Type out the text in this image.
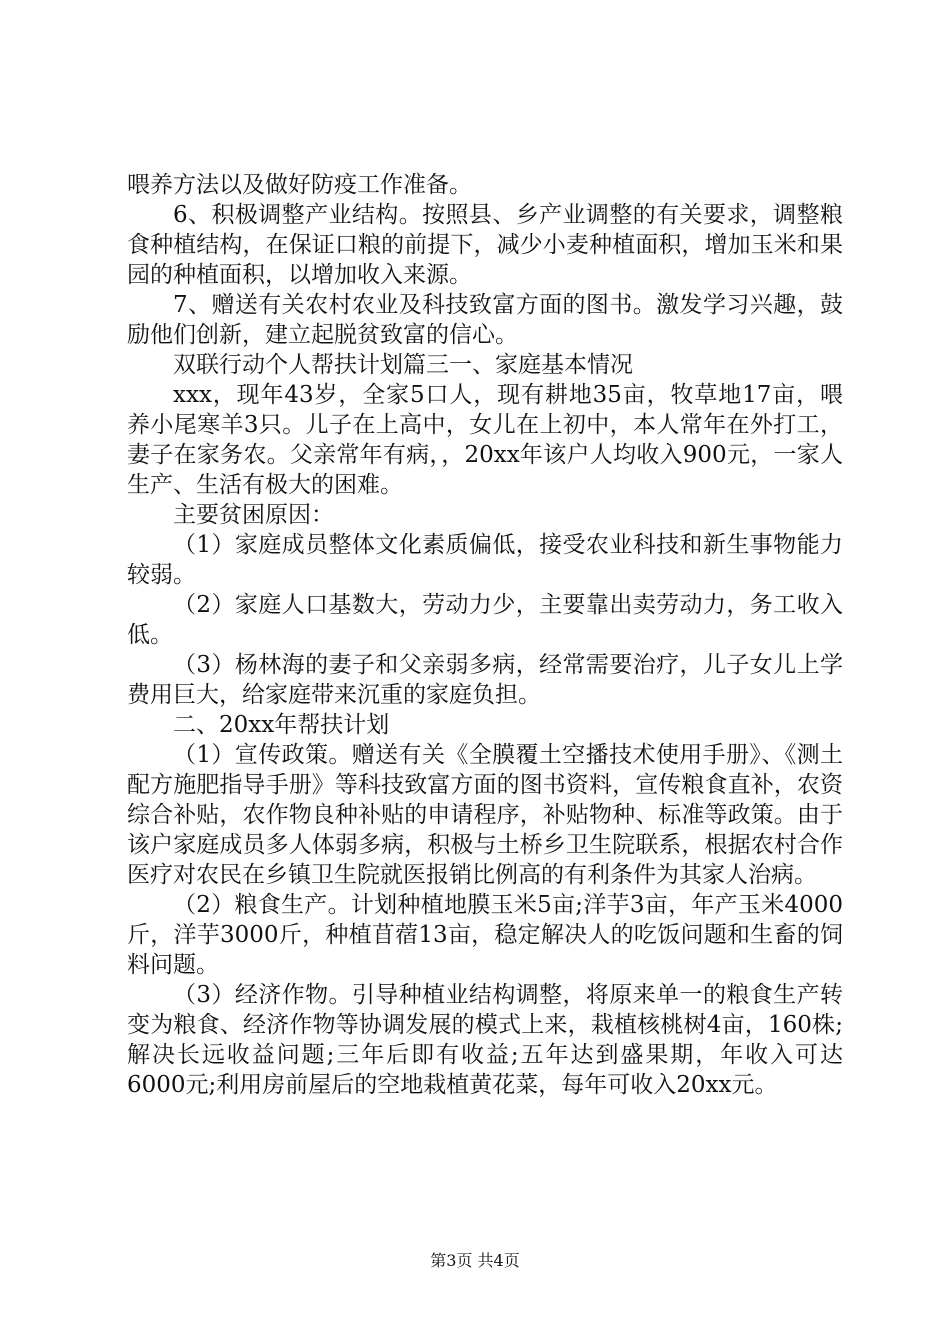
喂养方法以及做好防疫工作准备。

6、积极调整产业结构。按照县、乡产业调整的有关要求，调整粮食种植结构，在保证口粮的前提下，减少小麦种植面积，增加玉米和果园的种植面积，以增加收入来源。

7、赠送有关农村农业及科技致富方面的图书。激发学习兴趣，鼓励他们创新，建立起脱贫致富的信心。

双联行动个人帮扶计划篇三一、家庭基本情况

xxx，现年43岁，全家5口人，现有耕地35亩，牧草地17亩，喂养小尾寒羊3只。儿子在上高中，女儿在上初中，本人常年在外打工，妻子在家务农。父亲常年有病，，20xx年该户人均收入900元，一家人生产、生活有极大的困难。

主要贫困原因：

（1）家庭成员整体文化素质偏低，接受农业科技和新生事物能力较弱。

（2）家庭人口基数大，劳动力少，主要靠出卖劳动力，务工收入低。

（3）杨林海的妻子和父亲弱多病，经常需要治疗，儿子女儿上学费用巨大，给家庭带来沉重的家庭负担。

二、20xx年帮扶计划

（1）宣传政策。赠送有关《全膜覆土空播技术使用手册》、《测土配方施肥指导手册》等科技致富方面的图书资料，宣传粮食直补，农资综合补贴，农作物良种补贴的申请程序，补贴物种、标准等政策。由于该户家庭成员多人体弱多病，积极与土桥乡卫生院联系，根据农村合作医疗对农民在乡镇卫生院就医报销比例高的有利条件为其家人治病。

（2）粮食生产。计划种植地膜玉米5亩;洋芋3亩，年产玉米4000斤，洋芋3000斤，种植苜蓿13亩，稳定解决人的吃饭问题和生畜的饲料问题。

（3）经济作物。引导种植业结构调整，将原来单一的粮食生产转变为粮食、经济作物等协调发展的模式上来，栽植核桃树4亩，160株;解决长远收益问题;三年后即有收益;五年达到盛果期，年收入可达6000元;利用房前屋后的空地栽植黄花菜，每年可收入20xx元。

第3页 共4页
